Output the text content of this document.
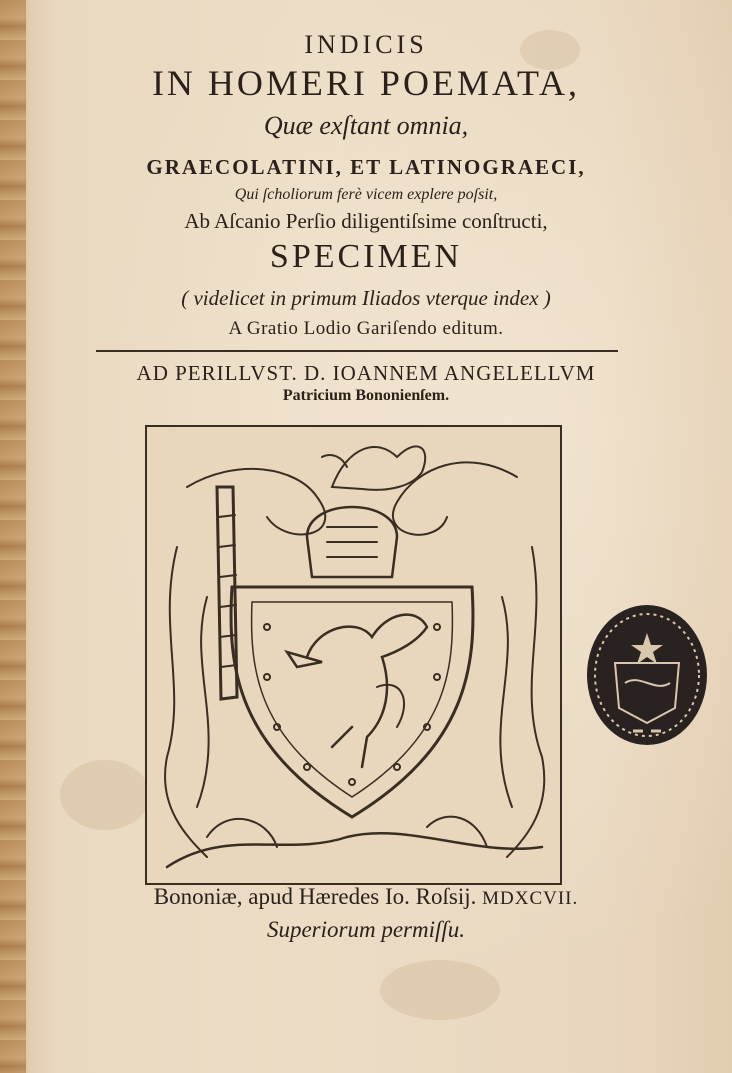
INDICIS
IN HOMERI POEMATA,
Quæ exſtant omnia,
GRAECOLATINI, ET LATINOGRAECI,
Qui ſcholiorum ferè vicem explere poſsit,
Ab Aſcanio Perſio diligentiſsime conſtructi,
SPECIMEN
( videlicet in primum Iliados vterque index )
A Gratio Lodio Gariſendo editum.
AD PERILLVST. D. IOANNEM ANGELELLVM
Patricium Bononienſem.
Bononiæ, apud Hæredes Io. Roſsij. MDXCVII.
Superiorum permiſſu.
